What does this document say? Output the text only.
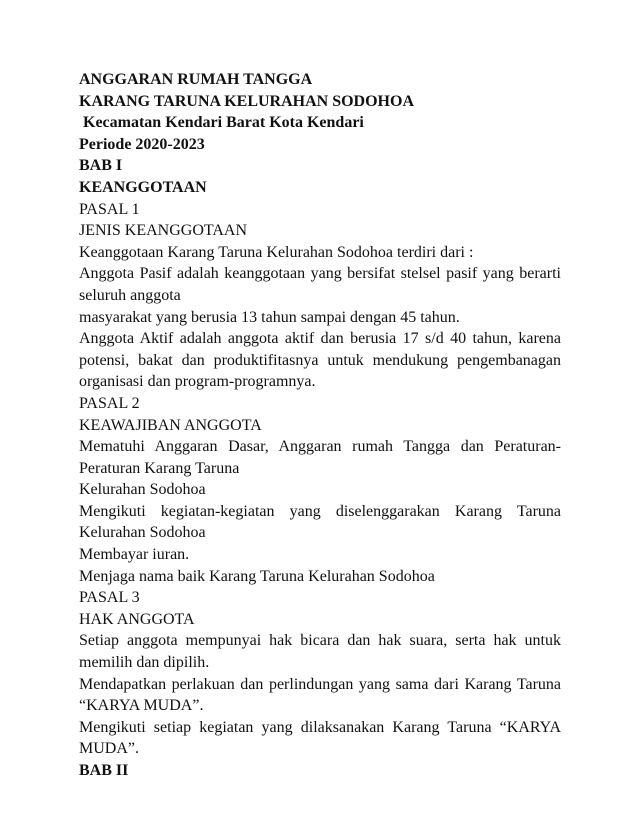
ANGGARAN RUMAH TANGGA
KARANG TARUNA KELURAHAN SODOHOA
Kecamatan Kendari Barat Kota Kendari
Periode 2020-2023
BAB I
KEANGGOTAAN
PASAL 1
JENIS KEANGGOTAAN
Keanggotaan Karang Taruna Kelurahan Sodohoa terdiri dari :
Anggota Pasif adalah keanggotaan yang bersifat stelsel pasif yang berarti seluruh anggota
masyarakat yang berusia 13 tahun sampai dengan 45 tahun.
Anggota Aktif adalah anggota aktif dan berusia 17 s/d 40 tahun, karena potensi, bakat dan produktifitasnya untuk mendukung pengembanagan organisasi dan program-programnya.
PASAL 2
KEAWAJIBAN ANGGOTA
Mematuhi Anggaran Dasar, Anggaran rumah Tangga dan Peraturan-Peraturan Karang Taruna
Kelurahan Sodohoa
Mengikuti kegiatan-kegiatan yang diselenggarakan Karang Taruna Kelurahan Sodohoa
Membayar iuran.
Menjaga nama baik Karang Taruna Kelurahan Sodohoa
PASAL 3
HAK ANGGOTA
Setiap anggota mempunyai hak bicara dan hak suara, serta hak untuk memilih dan dipilih.
Mendapatkan perlakuan dan perlindungan yang sama dari Karang Taruna “KARYA MUDA”.
Mengikuti setiap kegiatan yang dilaksanakan Karang Taruna “KARYA MUDA”.
BAB II
